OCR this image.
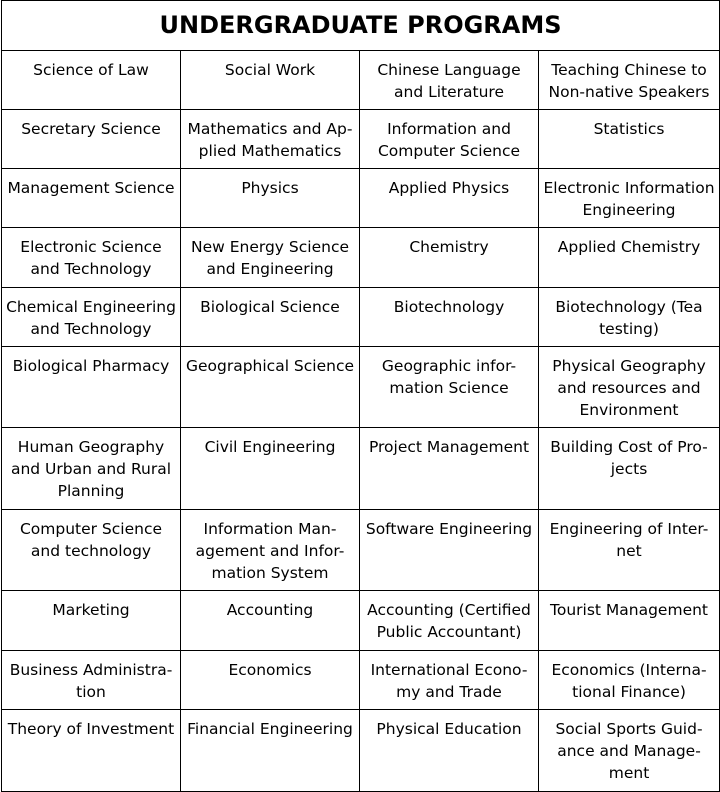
UNDERGRADUATE PROGRAMS			
Science of Law	Social Work	Chinese Language and Literature	Teaching Chinese to Non-native Speakers
Secretary Science	Mathematics and Ap-plied Mathematics	Information and Computer Science	Statistics
Management Science	Physics	Applied Physics	Electronic Information Engineering
Electronic Science and Technology	New Energy Science and Engineering	Chemistry	Applied Chemistry
Chemical Engineering and Technology	Biological Science	Biotechnology	Biotechnology (Tea testing)
Biological Pharmacy	Geographical Science	Geographic infor-mation Science	Physical Geography and resources and Environment
Human Geography and Urban and Rural Planning	Civil Engineering	Project Management	Building Cost of Pro-jects
Computer Science and technology	Information Man-agement and Infor-mation System	Software Engineering	Engineering of Inter-net
Marketing	Accounting	Accounting (Certified Public Accountant)	Tourist Management
Business Administra-tion	Economics	International Econo-my and Trade	Economics (Interna-tional Finance)
Theory of Investment	Financial Engineering	Physical Education	Social Sports Guid-ance and Manage-ment
